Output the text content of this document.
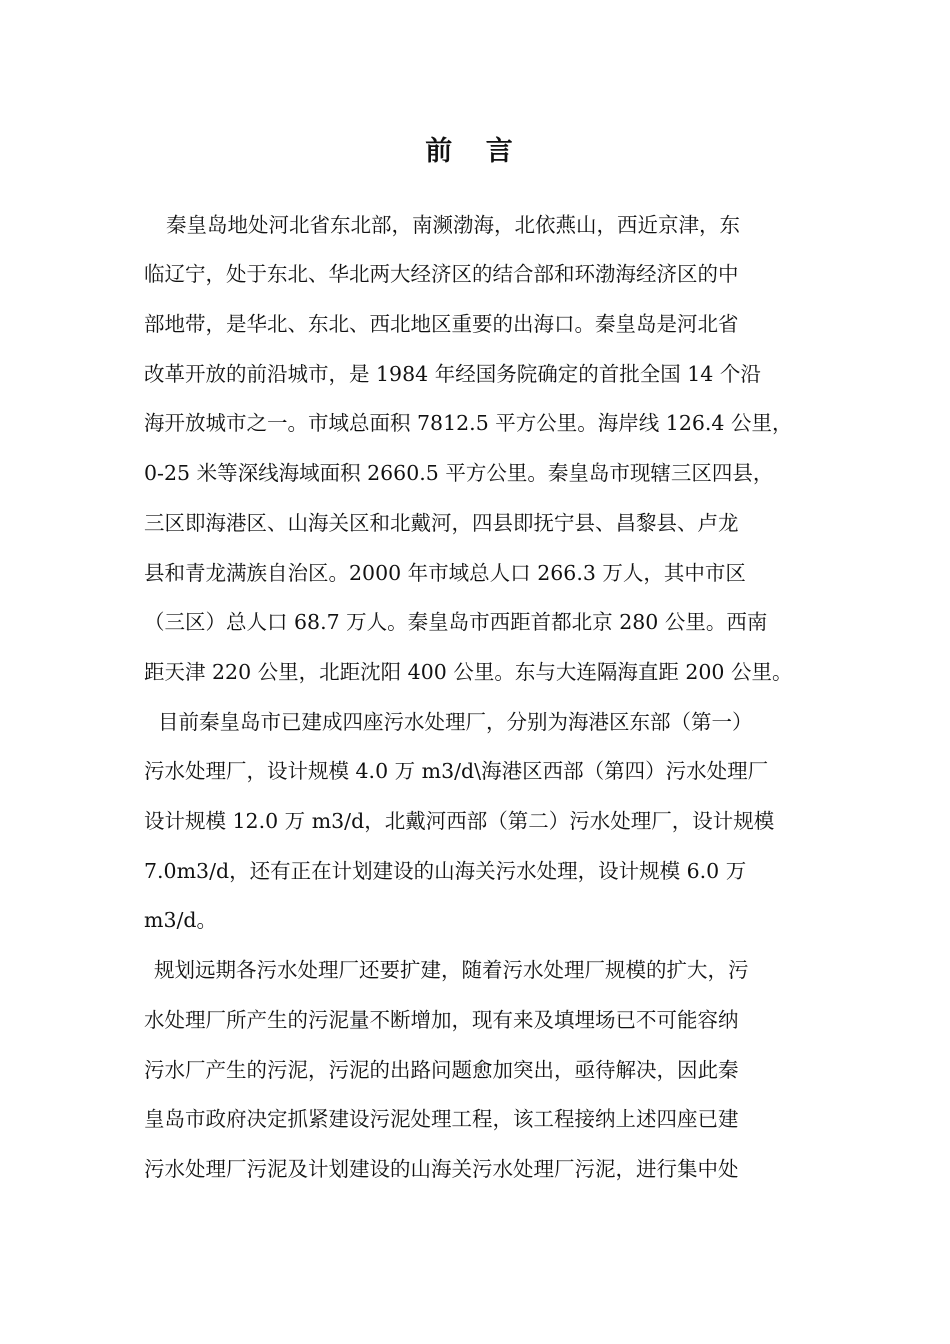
前 言
秦皇岛地处河北省东北部，南濒渤海，北依燕山，西近京津，东
临辽宁，处于东北、华北两大经济区的结合部和环渤海经济区的中
部地带，是华北、东北、西北地区重要的出海口。秦皇岛是河北省
改革开放的前沿城市，是 1984 年经国务院确定的首批全国 14 个沿
海开放城市之一。市域总面积 7812.5 平方公里。海岸线 126.4 公里，
0-25 米等深线海域面积 2660.5 平方公里。秦皇岛市现辖三区四县，
三区即海港区、山海关区和北戴河，四县即抚宁县、昌黎县、卢龙
县和青龙满族自治区。2000 年市域总人口 266.3 万人，其中市区
（三区）总人口 68.7 万人。秦皇岛市西距首都北京 280 公里。西南
距天津 220 公里，北距沈阳 400 公里。东与大连隔海直距 200 公里。
目前秦皇岛市已建成四座污水处理厂，分别为海港区东部（第一）
污水处理厂，设计规模 4.0 万 m3/d\海港区西部（第四）污水处理厂
设计规模 12.0 万 m3/d，北戴河西部（第二）污水处理厂，设计规模
7.0m3/d，还有正在计划建设的山海关污水处理，设计规模 6.0 万
m3/d。
规划远期各污水处理厂还要扩建，随着污水处理厂规模的扩大，污
水处理厂所产生的污泥量不断增加，现有来及填埋场已不可能容纳
污水厂产生的污泥，污泥的出路问题愈加突出，亟待解决，因此秦
皇岛市政府决定抓紧建设污泥处理工程，该工程接纳上述四座已建
污水处理厂污泥及计划建设的山海关污水处理厂污泥，进行集中处
